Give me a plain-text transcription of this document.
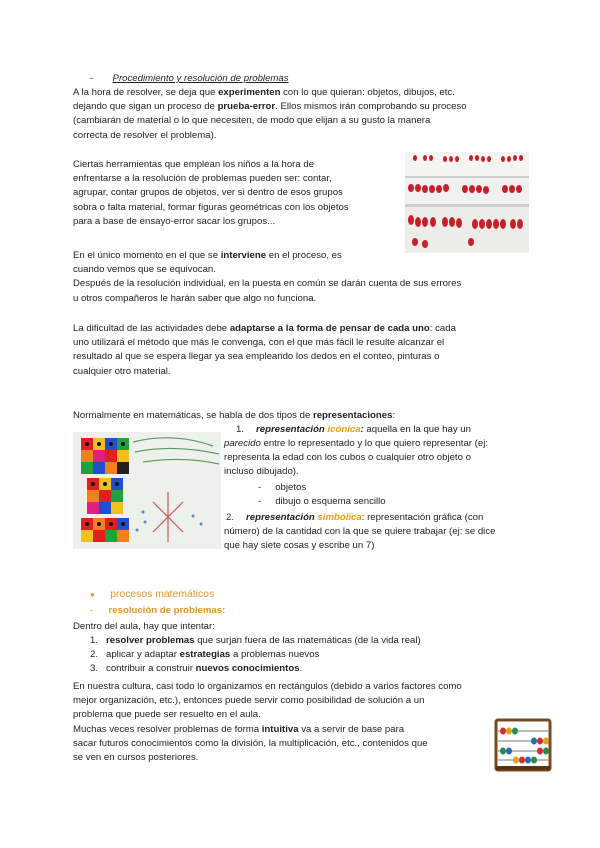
- Procedimiento y resolución de problemas
A la hora de resolver, se deja que experimenten con lo que quieran: objetos, dibujos, etc.
dejando que sigan un proceso de prueba-error. Ellos mismos irán comprobando su proceso
(cambiarán de material o lo que necesiten, de modo que elijan a su gusto la manera
correcta de resolver el problema).
Ciertas herramientas que emplean los niños a la hora de
enfrentarse a la resolución de problemas pueden ser: contar,
agrupar, contar grupos de objetos, ver si dentro de esos grupos
sobra o falta material, formar figuras geométricas con los objetos
para a base de ensayo-error sacar los grupos...
En el único momento en el que se interviene en el proceso, es
cuando vemos que se equivocan.
Después de la resolución individual, en la puesta en común se darán cuenta de sus errores
u otros compañeros le harán saber que algo no funciona.
La dificultad de las actividades debe adaptarse a la forma de pensar de cada uno: cada
uno utilizará el método que más le convenga, con el que más fácil le resulte alcanzar el
resultado al que se espera llegar ya sea empleando los dedos en el conteo, pinturas o
cualquier otro material.
Normalmente en matemáticas, se habla de dos tipos de representaciones:
1. representación icónica: aquella en la que hay un
parecido entre lo representado y lo que quiero representar (ej:
representa la edad con los cubos o cualquier otro objeto o
incluso dibujado).
- objetos
- dibujo o esquema sencillo
2. representación simbólica: representación gráfica (con
número) de la cantidad con la que se quiere trabajar (ej: se dice
que hay siete cosas y escribe un 7)
● procesos matemáticos
- resolución de problemas:
Dentro del aula, hay que intentar:
1. resolver problemas que surjan fuera de las matemáticas (de la vida real)
2. aplicar y adaptar estrategias a problemas nuevos
3. contribuir a construir nuevos conocimientos.
En nuestra cultura, casi todo lo organizamos en rectángulos (debido a varios factores como
mejor organización, etc.), entonces puede servir como posibilidad de solución a un
problema que puede ser resuelto en el aula.
Muchas veces resolver problemas de forma intuitiva va a servir de base para
sacar futuros conocimientos como la división, la multiplicación, etc., contenidos que
se ven en cursos posteriores.
